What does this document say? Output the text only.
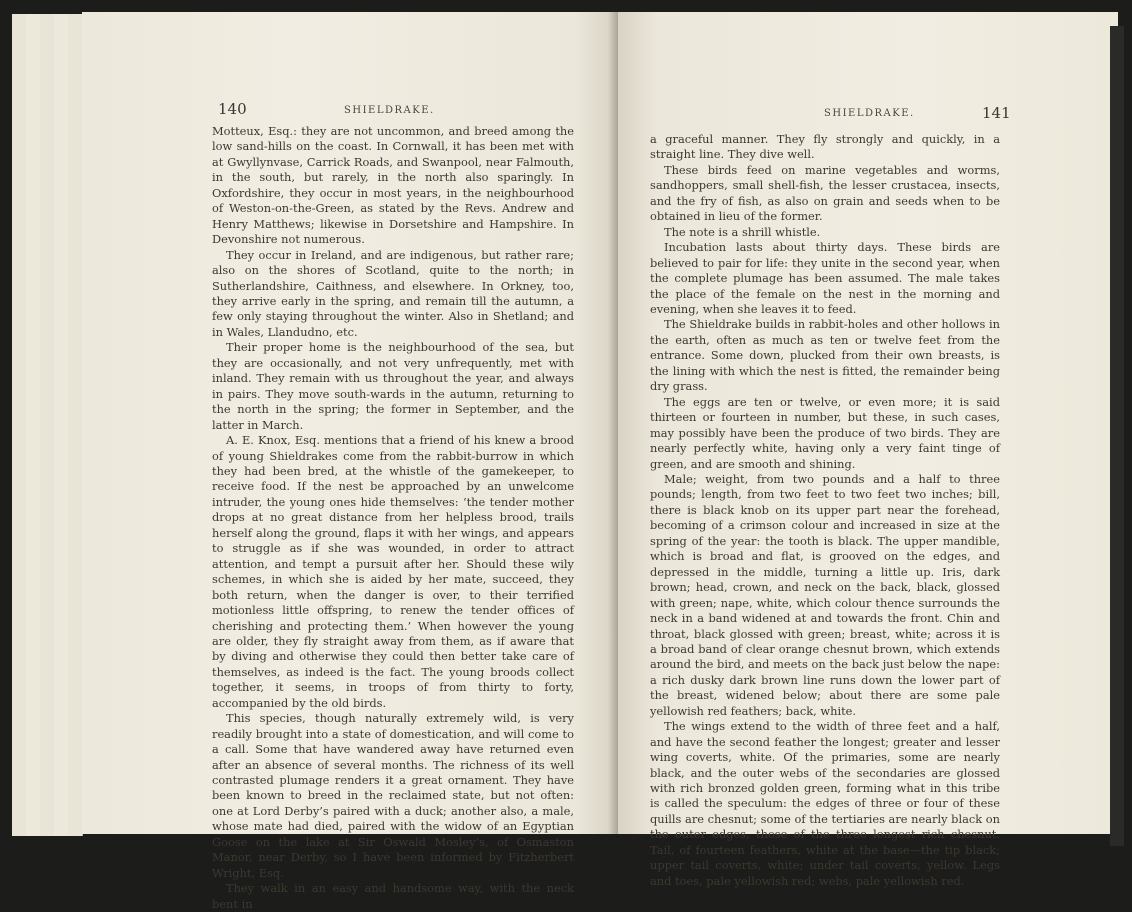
140	SHIELDRAKE.

Motteux, Esq.: they are not uncommon, and breed among the low sand-hills on the coast. In Cornwall, it has been met with at Gwyllynvase, Carrick Roads, and Swanpool, near Falmouth, in the south, but rarely, in the north also sparingly. In Oxfordshire, they occur in most years, in the neighbourhood of Weston-on-the-Green, as stated by the Revs. Andrew and Henry Matthews; likewise in Dorsetshire and Hampshire. In Devonshire not numerous.

They occur in Ireland, and are indigenous, but rather rare; also on the shores of Scotland, quite to the north; in Sutherlandshire, Caithness, and elsewhere. In Orkney, too, they arrive early in the spring, and remain till the autumn, a few only staying throughout the winter. Also in Shetland; and in Wales, Llandudno, etc.

Their proper home is the neighbourhood of the sea, but they are occasionally, and not very unfrequently, met with inland. They remain with us throughout the year, and always in pairs. They move south-wards in the autumn, returning to the north in the spring; the former in September, and the latter in March.

A. E. Knox, Esq. mentions that a friend of his knew a brood of young Shieldrakes come from the rabbit-burrow in which they had been bred, at the whistle of the gamekeeper, to receive food. If the nest be approached by an unwelcome intruder, the young ones hide themselves: ‘the tender mother drops at no great distance from her helpless brood, trails herself along the ground, flaps it with her wings, and appears to struggle as if she was wounded, in order to attract attention, and tempt a pursuit after her. Should these wily schemes, in which she is aided by her mate, succeed, they both return, when the danger is over, to their terrified motionless little offspring, to renew the tender offices of cherishing and protecting them.’ When however the young are older, they fly straight away from them, as if aware that by diving and otherwise they could then better take care of themselves, as indeed is the fact. The young broods collect together, it seems, in troops of from thirty to forty, accompanied by the old birds.

This species, though naturally extremely wild, is very readily brought into a state of domestication, and will come to a call. Some that have wandered away have returned even after an absence of several months. The richness of its well contrasted plumage renders it a great ornament. They have been known to breed in the reclaimed state, but not often: one at Lord Derby’s paired with a duck; another also, a male, whose mate had died, paired with the widow of an Egyptian Goose on the lake at Sir Oswald Mosley’s, of Osmaston Manor, near Derby, so I have been informed by Fitzherbert Wright, Esq.

They walk in an easy and handsome way, with the neck bent in

SHIELDRAKE.	141

a graceful manner. They fly strongly and quickly, in a straight line. They dive well.

These birds feed on marine vegetables and worms, sandhoppers, small shell-fish, the lesser crustacea, insects, and the fry of fish, as also on grain and seeds when to be obtained in lieu of the former.

The note is a shrill whistle.

Incubation lasts about thirty days. These birds are believed to pair for life: they unite in the second year, when the complete plumage has been assumed. The male takes the place of the female on the nest in the morning and evening, when she leaves it to feed.

The Shieldrake builds in rabbit-holes and other hollows in the earth, often as much as ten or twelve feet from the entrance. Some down, plucked from their own breasts, is the lining with which the nest is fitted, the remainder being dry grass.

The eggs are ten or twelve, or even more; it is said thirteen or fourteen in number, but these, in such cases, may possibly have been the produce of two birds. They are nearly perfectly white, having only a very faint tinge of green, and are smooth and shining.

Male; weight, from two pounds and a half to three pounds; length, from two feet to two feet two inches; bill, there is black knob on its upper part near the forehead, becoming of a crimson colour and increased in size at the spring of the year: the tooth is black. The upper mandible, which is broad and flat, is grooved on the edges, and depressed in the middle, turning a little up. Iris, dark brown; head, crown, and neck on the back, black, glossed with green; nape, white, which colour thence surrounds the neck in a band widened at and towards the front. Chin and throat, black glossed with green; breast, white; across it is a broad band of clear orange chesnut brown, which extends around the bird, and meets on the back just below the nape: a rich dusky dark brown line runs down the lower part of the breast, widened below; about there are some pale yellowish red feathers; back, white.

The wings extend to the width of three feet and a half, and have the second feather the longest; greater and lesser wing coverts, white. Of the primaries, some are nearly black, and the outer webs of the secondaries are glossed with rich bronzed golden green, forming what in this tribe is called the speculum: the edges of three or four of these quills are chesnut; some of the tertiaries are nearly black on the outer edges, those of the three longest rich chesnut. Tail, of fourteen feathers, white at the base—the tip black; upper tail coverts, white; under tail coverts, yellow. Legs and toes, pale yellowish red; webs, pale yellowish red.
